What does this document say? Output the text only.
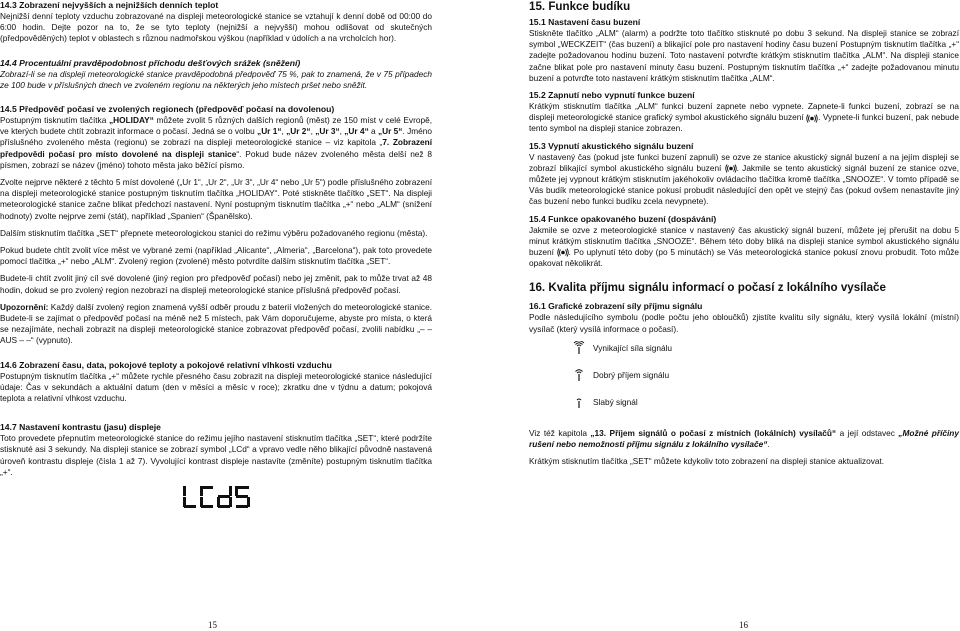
14.3 Zobrazení nejvyšších a nejnižších denních teplot

Nejnižší denní teploty vzduchu zobrazované na displeji meteorologické stanice se vztahují k denní době od 00:00 do 6:00 hodin. Dejte pozor na to, že se tyto teploty (nejnižší a nejvyšší) mohou odlišovat od skutečných (předpověděných) teplot v oblastech s různou nadmořskou výškou (například v údolích a na vrcholcích hor).

14.4 Procentuální pravděpodobnost příchodu dešťových srážek (sněžení)

Zobrazí-li se na displeji meteorologické stanice pravděpodobná předpověď 75 %, pak to znamená, že v 75 případech ze 100 bude v příslušných dnech ve zvoleném regionu na některých jeho místech pršet nebo sněžit.

14.5 Předpověď počasí ve zvolených regionech (předpověď počasí na dovolenou)

Postupným tisknutím tlačítka „HOLIDAY“ můžete zvolit 5 různých dalších regionů (měst) ze 150 míst v celé Evropě, ve kterých budete chtít zobrazit informace o počasí. Jedná se o volbu „Ur 1“, „Ur 2“, „Ur 3“, „Ur 4“ a „Ur 5“. Jméno příslušného zvoleného města (regionu) se zobrazí na displeji meteorologické stanice – viz kapitola „7. Zobrazení předpovědi počasí pro místo dovolené na displeji stanice“. Pokud bude název zvoleného města delší než 8 písmen, zobrazí se název (jméno) tohoto města jako běžící písmo.

Zvolte nejprve některé z těchto 5 míst dovolené („Ur 1“, „Ur 2“, „Ur 3“, „Ur 4“ nebo „Ur 5“) podle příslušného zobrazení na displeji meteorologické stanice postupným tisknutím tlačítka „HOLIDAY“. Poté stiskněte tlačítko „SET“. Na displeji meteorologické stanice začne blikat předchozí nastavení. Nyní postupným tisknutím tlačítka „+“ nebo „ALM“ (snížení hodnoty) zvolte nejprve zemi (stát), například „Spanien“ (Španělsko).

Dalším stisknutím tlačítka „SET“ přepnete meteorologickou stanici do režimu výběru požadovaného regionu (města).

Pokud budete chtít zvolit více měst ve vybrané zemi (například „Alicante“, „Almeria“, „Barcelona“), pak toto provedete pomocí tlačítka „+“ nebo „ALM“. Zvolený region (zvolené) město potvrdíte dalším stisknutím tlačítka „SET“.

Budete-li chtít zvolit jiný cíl své dovolené (jiný region pro předpověď počasí) nebo jej změnit, pak to může trvat až 48 hodin, dokud se pro zvolený region nezobrazí na displeji meteorologické stanice příslušná předpověď počasí.

Upozornění: Každý další zvolený region znamená vyšší odběr proudu z baterií vložených do meteorologické stanice. Budete-li se zajímat o předpověď počasí na méně než 5 místech, pak Vám doporučujeme, abyste pro místa, o která se nezajímáte, nechali zobrazit na displeji meteorologické stanice zobrazovat předpověď počasí, zvolili nabídku „– – AUS – –“ (vypnuto).

14.6 Zobrazení času, data, pokojové teploty a pokojové relativní vlhkosti vzduchu

Postupným tisknutím tlačítka „+“ můžete rychle přesného času zobrazit na displeji meteorologické stanice následující údaje: Čas v sekundách a aktuální datum (den v měsíci a měsíc v roce); zkratku dne v týdnu a datum; pokojová teplota a relativní vlhkost vzduchu.

14.7 Nastavení kontrastu (jasu) displeje

Toto provedete přepnutím meteorologické stanice do režimu jejího nastavení stisknutím tlačítka „SET“, které podržíte stisknuté asi 3 sekundy. Na displeji stanice se zobrazí symbol „LCd“ a vpravo vedle něho blikající původně nastavená úroveň kontrastu displeje (čísla 1 až 7). Vyvolující kontrast displeje nastavíte (změníte) postupným tisknutím tlačítka „+“.

15

15. Funkce budíku

15.1 Nastavení času buzení

Stiskněte tlačítko „ALM“ (alarm) a podržte toto tlačítko stisknuté po dobu 3 sekund. Na displeji stanice se zobrazí symbol „WECKZEIT“ (čas buzení) a blikající pole pro nastavení hodiny času buzení Postupným tisknutím tlačítka „+“ zadejte požadovanou hodinu buzení. Toto nastavení potvrďte krátkým stisknutím tlačítka „ALM“. Na displeji stanice začne blikat pole pro nastavení minuty času buzení. Postupným tisknutím tlačítka „+“ zadejte požadovanou minutu buzení a potvrďte toto nastavení krátkým stisknutím tlačítka „ALM“.

15.2 Zapnutí nebo vypnutí funkce buzení

Krátkým stisknutím tlačítka „ALM“ funkci buzení zapnete nebo vypnete. Zapnete-li funkci buzení, zobrazí se na displeji meteorologické stanice grafický symbol akustického signálu buzení . Vypnete-li funkci buzení, pak nebude tento symbol na displeji stanice zobrazen.

15.3 Vypnutí akustického signálu buzení

V nastavený čas (pokud jste funkci buzení zapnuli) se ozve ze stanice akustický signál buzení a na jejím displeji se zobrazí blikající symbol akustického signálu buzení . Jakmile se tento akustický signál buzení ze stanice ozve, můžete jej vypnout krátkým stisknutím jakéhokoliv ovládacího tlačítka kromě tlačítka „SNOOZE“. V tomto případě se Vás budík meteorologické stanice pokusí probudit následující den opět ve stejný čas (pokud ovšem nenastavíte jiný čas buzení nebo funkci budíku zcela nevypnete).

15.4 Funkce opakovaného buzení (dospávání)

Jakmile se ozve z meteorologické stanice v nastavený čas akustický signál buzení, můžete jej přerušit na dobu 5 minut krátkým stisknutím tlačítka „SNOOZE“. Během této doby bliká na displeji stanice symbol akustického signálu buzení . Po uplynutí této doby (po 5 minutách) se Vás meteorologická stanice pokusí znovu probudit. Toto může opakovat několikrát.

16. Kvalita příjmu signálu informací o počasí z lokálního vysílače

16.1 Grafické zobrazení síly příjmu signálu

Podle následujícího symbolu (podle počtu jeho obloučků) zjistíte kvalitu síly signálu, který vysílá lokální (místní) vysílač (který vysílá informace o počasí).

Vynikající síla signálu

Dobrý příjem signálu

Slabý signál

Viz též kapitola „13. Příjem signálů o počasí z místních (lokálních) vysílačů“ a její odstavec „Možné příčiny rušení nebo nemožnosti příjmu signálu z lokálního vysílače“.

Krátkým stisknutím tlačítka „SET“ můžete kdykoliv toto zobrazení na displeji stanice aktualizovat.

16
